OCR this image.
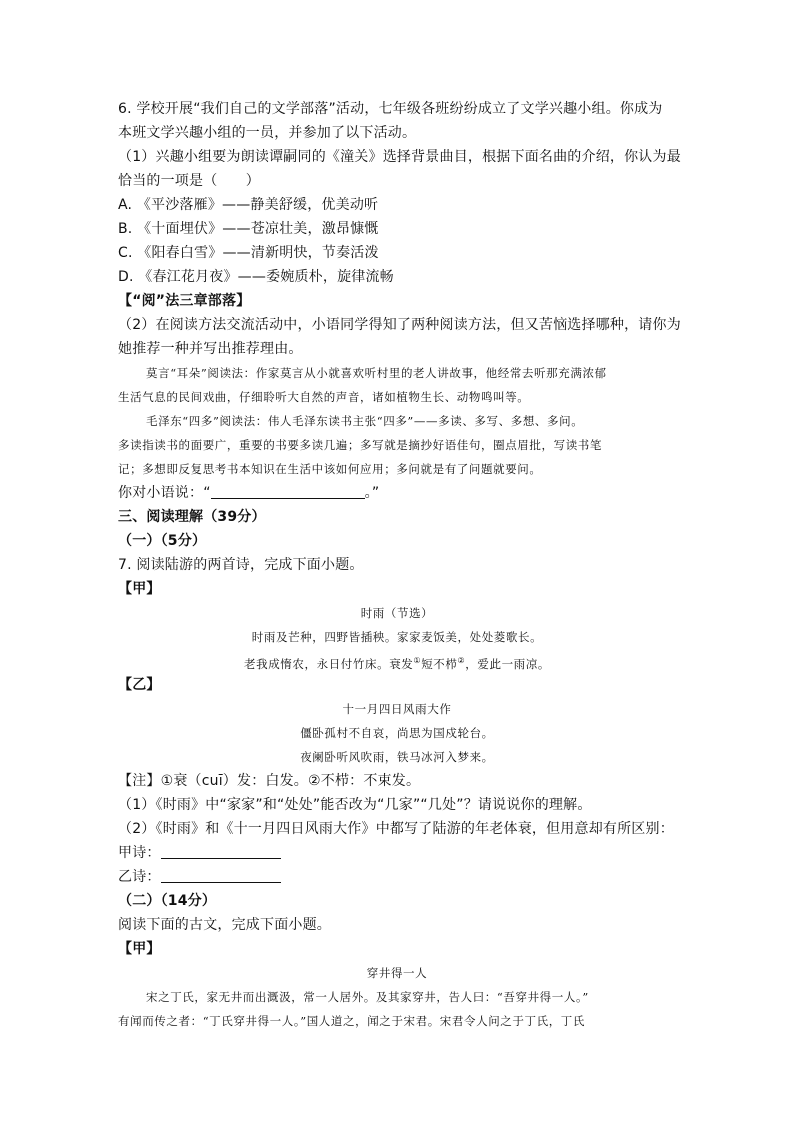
6. 学校开展“我们自己的文学部落”活动，七年级各班纷纷成立了文学兴趣小组。你成为
本班文学兴趣小组的一员，并参加了以下活动。
（1）兴趣小组要为朗读谭嗣同的《潼关》选择背景曲目，根据下面名曲的介绍，你认为最
恰当的一项是（　　）
A. 《平沙落雁》——静美舒缓，优美动听
B. 《十面埋伏》——苍凉壮美，激昂慷慨
C. 《阳春白雪》——清新明快，节奏活泼
D. 《春江花月夜》——委婉质朴，旋律流畅
【“阅”法三章部落】
（2）在阅读方法交流活动中，小语同学得知了两种阅读方法，但又苦恼选择哪种，请你为
她推荐一种并写出推荐理由。
莫言“耳朵”阅读法：作家莫言从小就喜欢听村里的老人讲故事，他经常去听那充满浓郁
生活气息的民间戏曲，仔细聆听大自然的声音，诸如植物生长、动物鸣叫等。
毛泽东“四多”阅读法：伟人毛泽东读书主张“四多”——多读、多写、多想、多问。
多读指读书的面要广，重要的书要多读几遍；多写就是摘抄好语佳句，圈点眉批，写读书笔
记；多想即反复思考书本知识在生活中该如何应用；多问就是有了问题就要问。
你对小语说：“	。”
三、阅读理解（39分）
（一）（5分）
7. 阅读陆游的两首诗，完成下面小题。
【甲】
时雨（节选）
时雨及芒种，四野皆插秧。家家麦饭美，处处菱歌长。
老我成惰农，永日付竹床。衰发①短不栉②，爱此一雨凉。
【乙】
十一月四日风雨大作
僵卧孤村不自哀，尚思为国戍轮台。
夜阑卧听风吹雨，铁马冰河入梦来。
【注】①衰（cuī）发：白发。②不栉：不束发。
（1）《时雨》中“家家”和“处处”能否改为“几家”“几处”？请说说你的理解。
（2）《时雨》和《十一月四日风雨大作》中都写了陆游的年老体衰，但用意却有所区别：
甲诗：
乙诗：
（二）（14分）
阅读下面的古文，完成下面小题。
【甲】
穿井得一人
宋之丁氏，家无井而出溉汲，常一人居外。及其家穿井，告人曰：“吾穿井得一人。”
有闻而传之者：“丁氏穿井得一人。”国人道之，闻之于宋君。宋君令人问之于丁氏，丁氏
